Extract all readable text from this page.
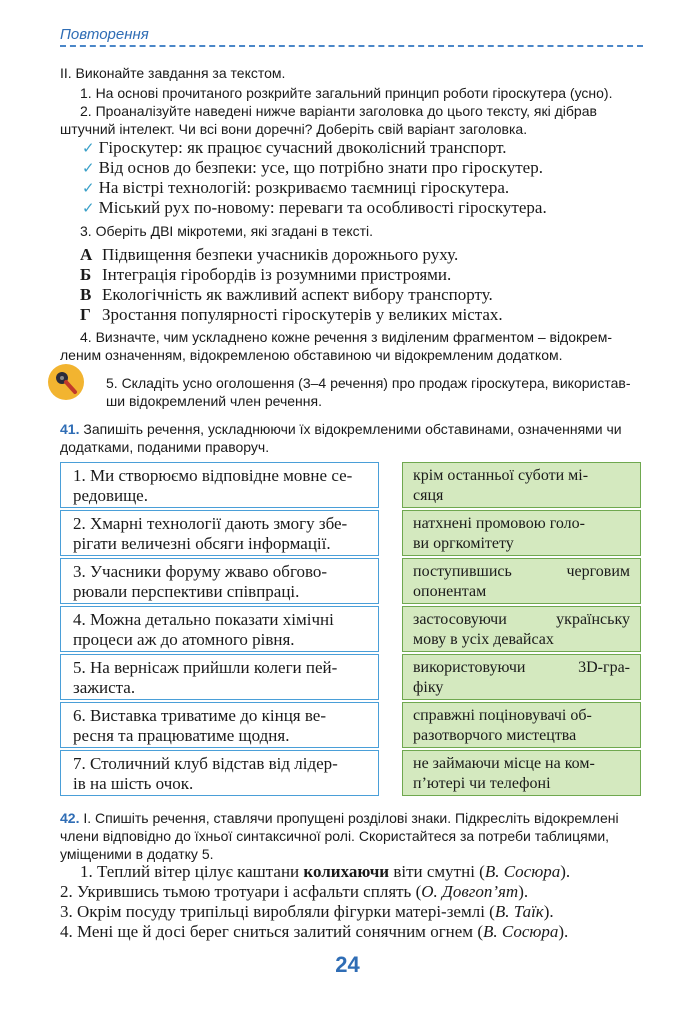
Повторення
II. Виконайте завдання за текстом.
1. На основі прочитаного розкрийте загальний принцип роботи гіроскутера (усно).
2. Проаналізуйте наведені нижче варіанти заголовка до цього тексту, які дібрав
штучний інтелект. Чи всі вони доречні? Доберіть свій варіант заголовка.
✓ Гіроскутер: як працює сучасний двоколісний транспорт.
✓ Від основ до безпеки: усе, що потрібно знати про гіроскутер.
✓ На вістрі технологій: розкриваємо таємниці гіроскутера.
✓ Міський рух по-новому: переваги та особливості гіроскутера.
3. Оберіть ДВІ мікротеми, які згадані в тексті.
А Підвищення безпеки учасників дорожнього руху.
Б Інтеграція гіробордів із розумними пристроями.
В Екологічність як важливий аспект вибору транспорту.
Г Зростання популярності гіроскутерів у великих містах.
4. Визначте, чим ускладнено кожне речення з виділеним фрагментом – відокрем-
леним означенням, відокремленою обставиною чи відокремленим додатком.
5. Складіть усно оголошення (3–4 речення) про продаж гіроскутера, використав-
ши відокремлений член речення.
41. Запишіть речення, ускладнюючи їх відокремленими обставинами, означеннями чи
додатками, поданими праворуч.
1. Ми створюємо відповідне мовне се-
редовище.
2. Хмарні технології дають змогу збе-
рігати величезні обсяги інформації.
3. Учасники форуму жваво обгово-
рювали перспективи співпраці.
4. Можна детально показати хімічні
процеси аж до атомного рівня.
5. На вернісаж прийшли колеги пей-
зажиста.
6. Виставка триватиме до кінця ве-
ресня та працюватиме щодня.
7. Столичний клуб відстав від лідер-
ів на шість очок.
крім останньої суботи мі-
сяця
натхнені промовою голо-
ви оргкомітету
поступившись черговим
опонентам
застосовуючи українську
мову в усіх девайсах
використовуючи 3D-гра-
фіку
справжні поціновувачі об-
разотворчого мистецтва
не займаючи місце на ком-
п’ютері чи телефоні
42. І. Спишіть речення, ставлячи пропущені розділові знаки. Підкресліть відокремлені
члени відповідно до їхньої синтаксичної ролі. Скористайтеся за потреби таблицями,
уміщеними в додатку 5.
1. Теплий вітер цілує каштани колихаючи віти смутні (В. Сосюра).
2. Укрившись тьмою тротуари і асфальти сплять (О. Довгоп’ят).
3. Окрім посуду трипільці виробляли фігурки матері-землі (В. Таїк).
4. Мені ще й досі берег сниться залитий сонячним огнем (В. Сосюра).
24
